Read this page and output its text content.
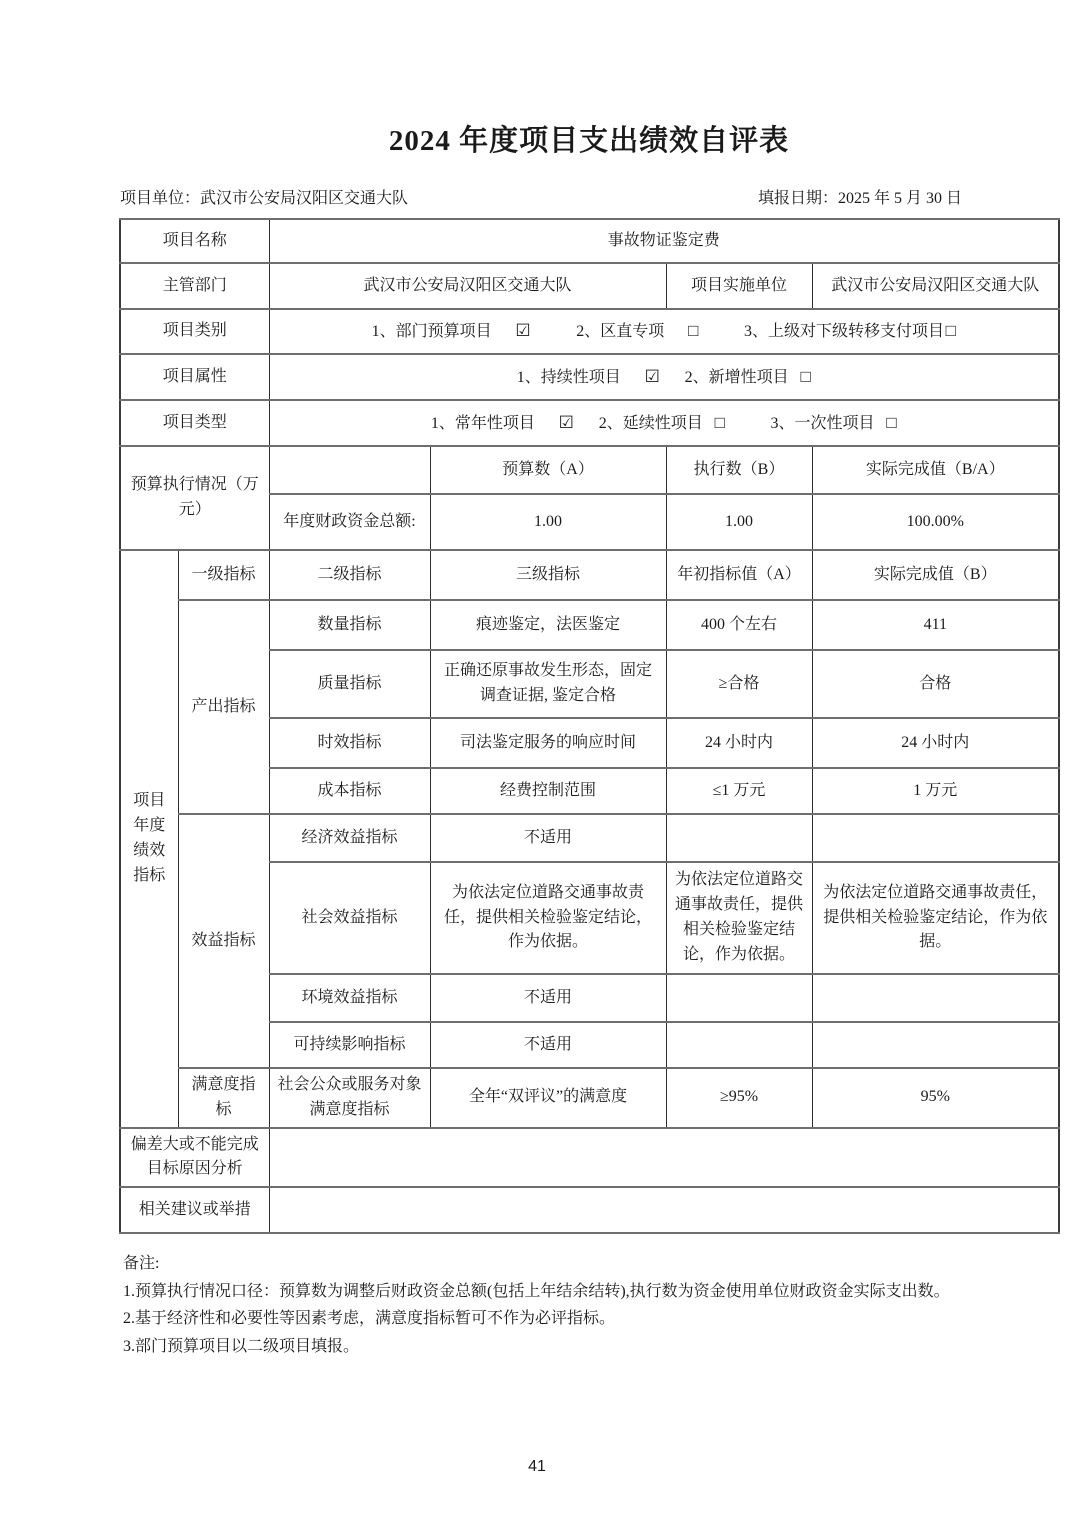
2024 年度项目支出绩效自评表
项目单位：武汉市公安局汉阳区交通大队	填报日期：2025 年 5 月 30 日
项目名称		事故物证鉴定费			
主管部门		武汉市公安局汉阳区交通大队		项目实施单位	武汉市公安局汉阳区交通大队
项目类别		1、部门预算项目 ☑ 2、区直专项 □ 3、上级对下级转移支付项目□			
项目属性		1、持续性项目 ☑ 2、新增性项目 □			
项目类型		1、常年性项目 ☑ 2、延续性项目 □ 3、一次性项目 □			
预算执行情况（万元）			预算数（A）	执行数（B）	实际完成值（B/A）
		年度财政资金总额:	1.00	1.00	100.00%
项目年度绩效指标	一级指标	二级指标	三级指标	年初指标值（A）	实际完成值（B）
	产出指标	数量指标	痕迹鉴定，法医鉴定	400 个左右	411
		质量指标	正确还原事故发生形态，固定调查证据, 鉴定合格	≥合格	合格
		时效指标	司法鉴定服务的响应时间	24 小时内	24 小时内
		成本指标	经费控制范围	≤1 万元	1 万元
	效益指标	经济效益指标	不适用		
		社会效益指标	为依法定位道路交通事故责任，提供相关检验鉴定结论，作为依据。	为依法定位道路交通事故责任，提供相关检验鉴定结论，作为依据。	为依法定位道路交通事故责任，提供相关检验鉴定结论，作为依据。
		环境效益指标	不适用		
		可持续影响指标	不适用		
	满意度指标	社会公众或服务对象满意度指标	全年“双评议”的满意度	≥95%	95%
偏差大或不能完成目标原因分析					
相关建议或举措					

备注:

1.预算执行情况口径：预算数为调整后财政资金总额(包括上年结余结转),执行数为资金使用单位财政资金实际支出数。

2.基于经济性和必要性等因素考虑，满意度指标暂可不作为必评指标。

3.部门预算项目以二级项目填报。

41
